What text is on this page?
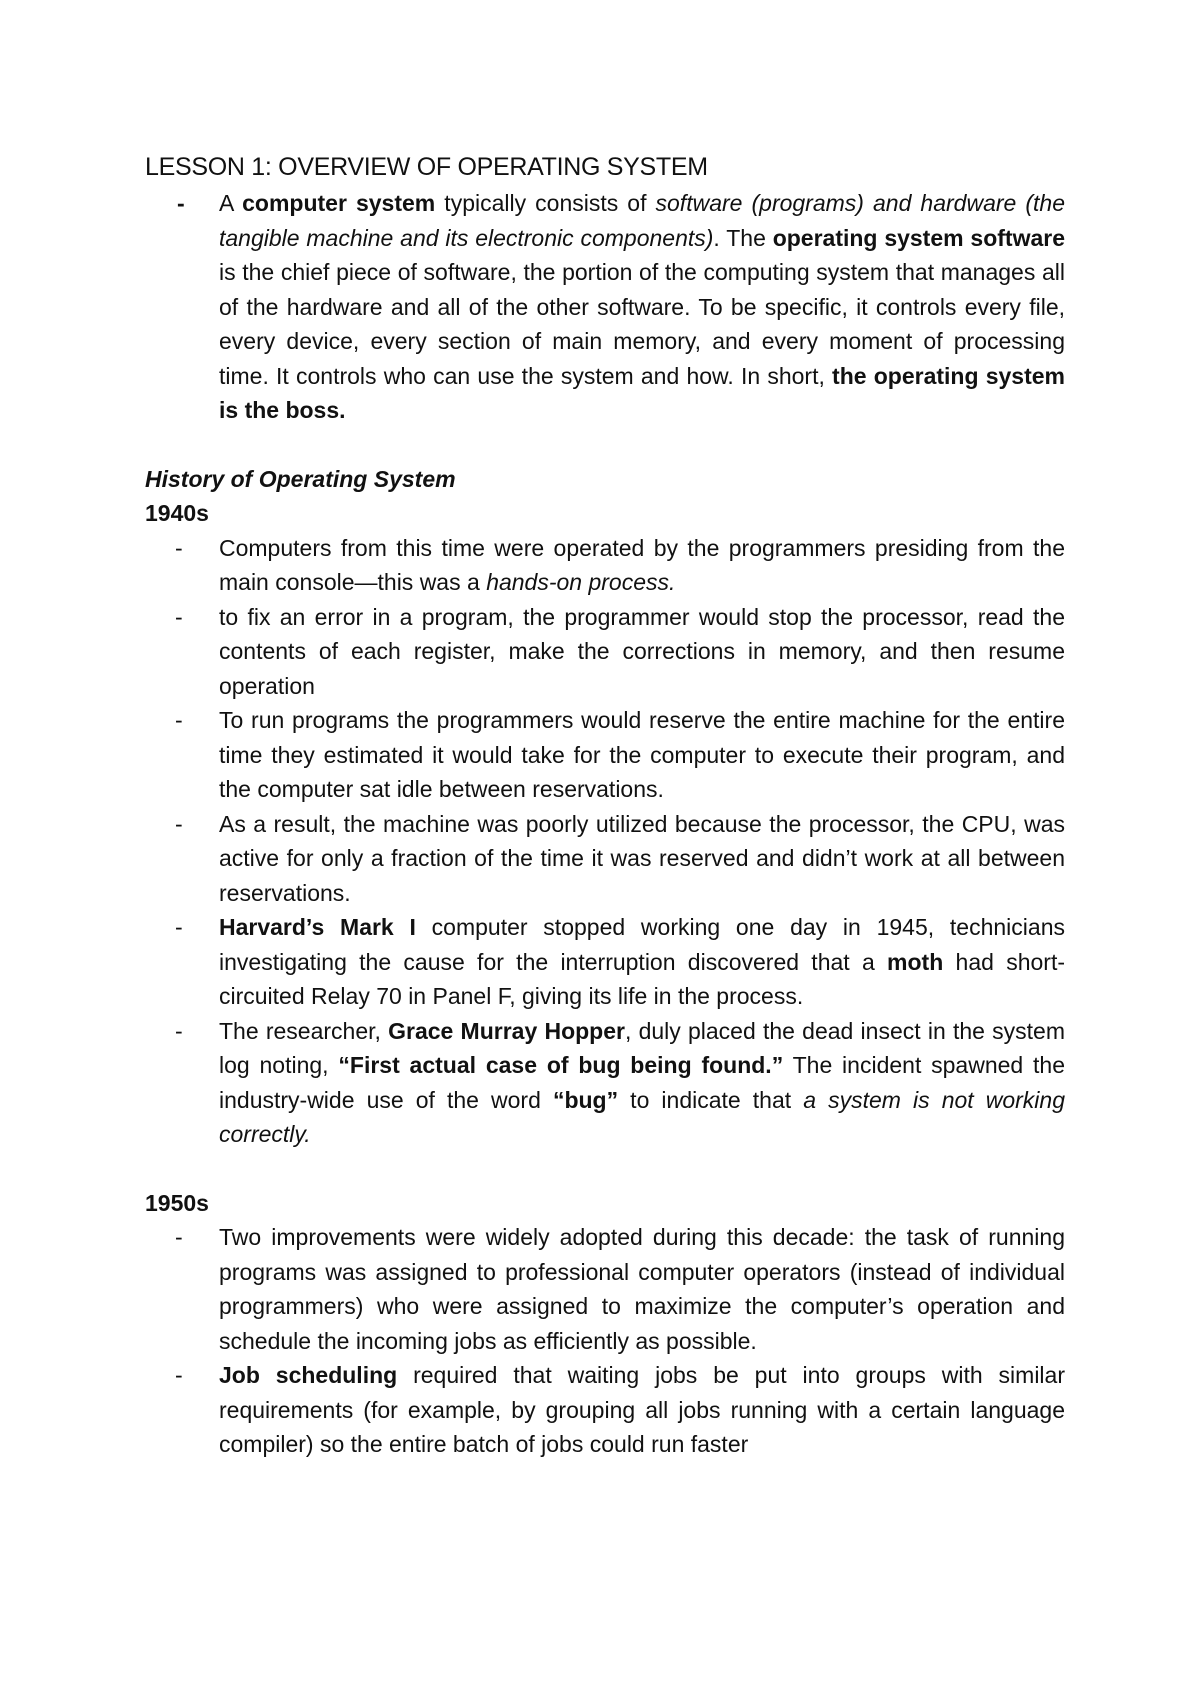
LESSON 1: OVERVIEW OF OPERATING SYSTEM
-	A computer system typically consists of software (programs) and hardware (the tangible machine and its electronic components). The operating system software is the chief piece of software, the portion of the computing system that manages all of the hardware and all of the other software. To be specific, it controls every file, every device, every section of main memory, and every moment of processing time. It controls who can use the system and how. In short, the operating system is the boss.

History of Operating System

1940s

-	Computers from this time were operated by the programmers presiding from the main console—this was a hands-on process.
-	to fix an error in a program, the programmer would stop the processor, read the contents of each register, make the corrections in memory, and then resume operation
-	To run programs the programmers would reserve the entire machine for the entire time they estimated it would take for the computer to execute their program, and the computer sat idle between reservations.
-	As a result, the machine was poorly utilized because the processor, the CPU, was active for only a fraction of the time it was reserved and didn’t work at all between reservations.
-	Harvard’s Mark I computer stopped working one day in 1945, technicians investigating the cause for the interruption discovered that a moth had short-circuited Relay 70 in Panel F, giving its life in the process.
-	The researcher, Grace Murray Hopper, duly placed the dead insect in the system log noting, “First actual case of bug being found.” The incident spawned the industry-wide use of the word “bug” to indicate that a system is not working correctly.

1950s

-	Two improvements were widely adopted during this decade: the task of running programs was assigned to professional computer operators (instead of individual programmers) who were assigned to maximize the computer’s operation and schedule the incoming jobs as efficiently as possible.
-	Job scheduling required that waiting jobs be put into groups with similar requirements (for example, by grouping all jobs running with a certain language compiler) so the entire batch of jobs could run faster
